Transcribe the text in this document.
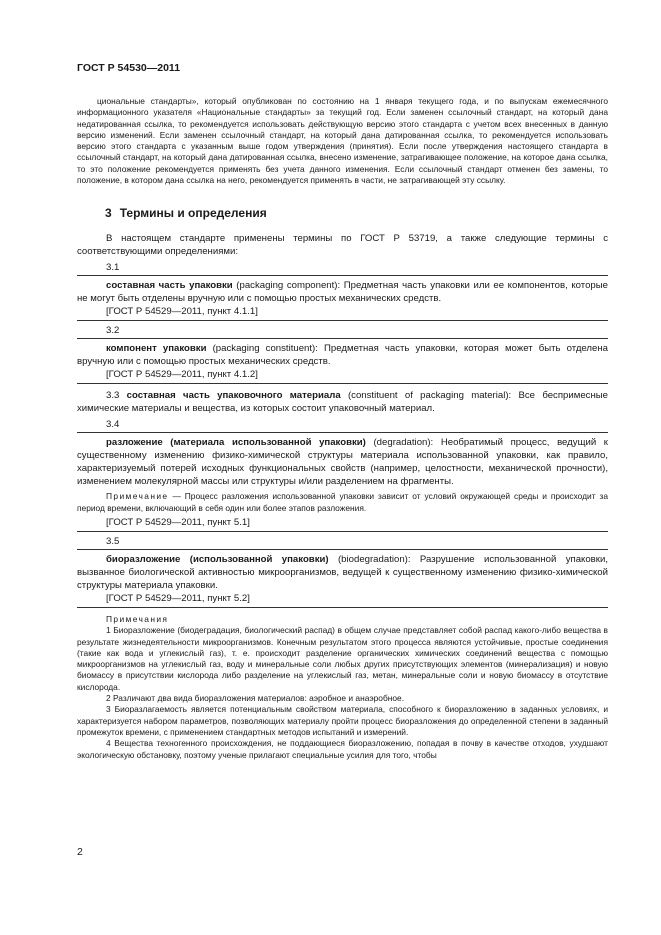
ГОСТ Р 54530—2011

циональные стандарты», который опубликован по состоянию на 1 января текущего года, и по выпускам ежемесячного информационного указателя «Национальные стандарты» за текущий год. Если заменен ссылочный стандарт, на который дана недатированная ссылка, то рекомендуется использовать действующую версию этого стандарта с учетом всех внесенных в данную версию изменений. Если заменен ссылочный стандарт, на который дана датированная ссылка, то рекомендуется использовать версию этого стандарта с указанным выше годом утверждения (принятия). Если после утверждения настоящего стандарта в ссылочный стандарт, на который дана датированная ссылка, внесено изменение, затрагивающее положение, на которое дана ссылка, то это положение рекомендуется применять без учета данного изменения. Если ссылочный стандарт отменен без замены, то положение, в котором дана ссылка на него, рекомендуется применять в части, не затрагивающей эту ссылку.

3 Термины и определения

В настоящем стандарте применены термины по ГОСТ Р 53719, а также следующие термины с соответствующими определениями:

3.1

составная часть упаковки (packaging component): Предметная часть упаковки или ее компонентов, которые не могут быть отделены вручную или с помощью простых механических средств.

[ГОСТ Р 54529—2011, пункт 4.1.1]

3.2

компонент упаковки (packaging constituent): Предметная часть упаковки, которая может быть отделена вручную или с помощью простых механических средств.

[ГОСТ Р 54529—2011, пункт 4.1.2]

3.3 составная часть упаковочного материала (constituent of packaging material): Все беспримесные химические материалы и вещества, из которых состоит упаковочный материал.

3.4

разложение (материала использованной упаковки) (degradation): Необратимый процесс, ведущий к существенному изменению физико-химической структуры материала использованной упаковки, как правило, характеризуемый потерей исходных функциональных свойств (например, целостности, механической прочности), изменением молекулярной массы или структуры и/или разделением на фрагменты.

Примечание — Процесс разложения использованной упаковки зависит от условий окружающей среды и происходит за период времени, включающий в себя один или более этапов разложения.

[ГОСТ Р 54529—2011, пункт 5.1]

3.5

биоразложение (использованной упаковки) (biodegradation): Разрушение использованной упаковки, вызванное биологической активностью микроорганизмов, ведущей к существенному изменению физико-химической структуры материала упаковки.

[ГОСТ Р 54529—2011, пункт 5.2]

Примечания

1 Биоразложение (биодеградация, биологический распад) в общем случае представляет собой распад какого-либо вещества в результате жизнедеятельности микроорганизмов. Конечным результатом этого процесса являются устойчивые, простые соединения (такие как вода и углекислый газ), т. е. происходит разделение органических химических соединений вещества с помощью микроорганизмов на углекислый газ, воду и минеральные соли любых других присутствующих элементов (минерализация) и новую биомассу в присутствии кислорода либо разделение на углекислый газ, метан, минеральные соли и новую биомассу в отсутствие кислорода.

2 Различают два вида биоразложения материалов: аэробное и анаэробное.

3 Биоразлагаемость является потенциальным свойством материала, способного к биоразложению в заданных условиях, и характеризуется набором параметров, позволяющих материалу пройти процесс биоразложения до определенной степени в заданный промежуток времени, с применением стандартных методов испытаний и измерений.

4 Вещества техногенного происхождения, не поддающиеся биоразложению, попадая в почву в качестве отходов, ухудшают экологическую обстановку, поэтому ученые прилагают специальные усилия для того, чтобы

2
